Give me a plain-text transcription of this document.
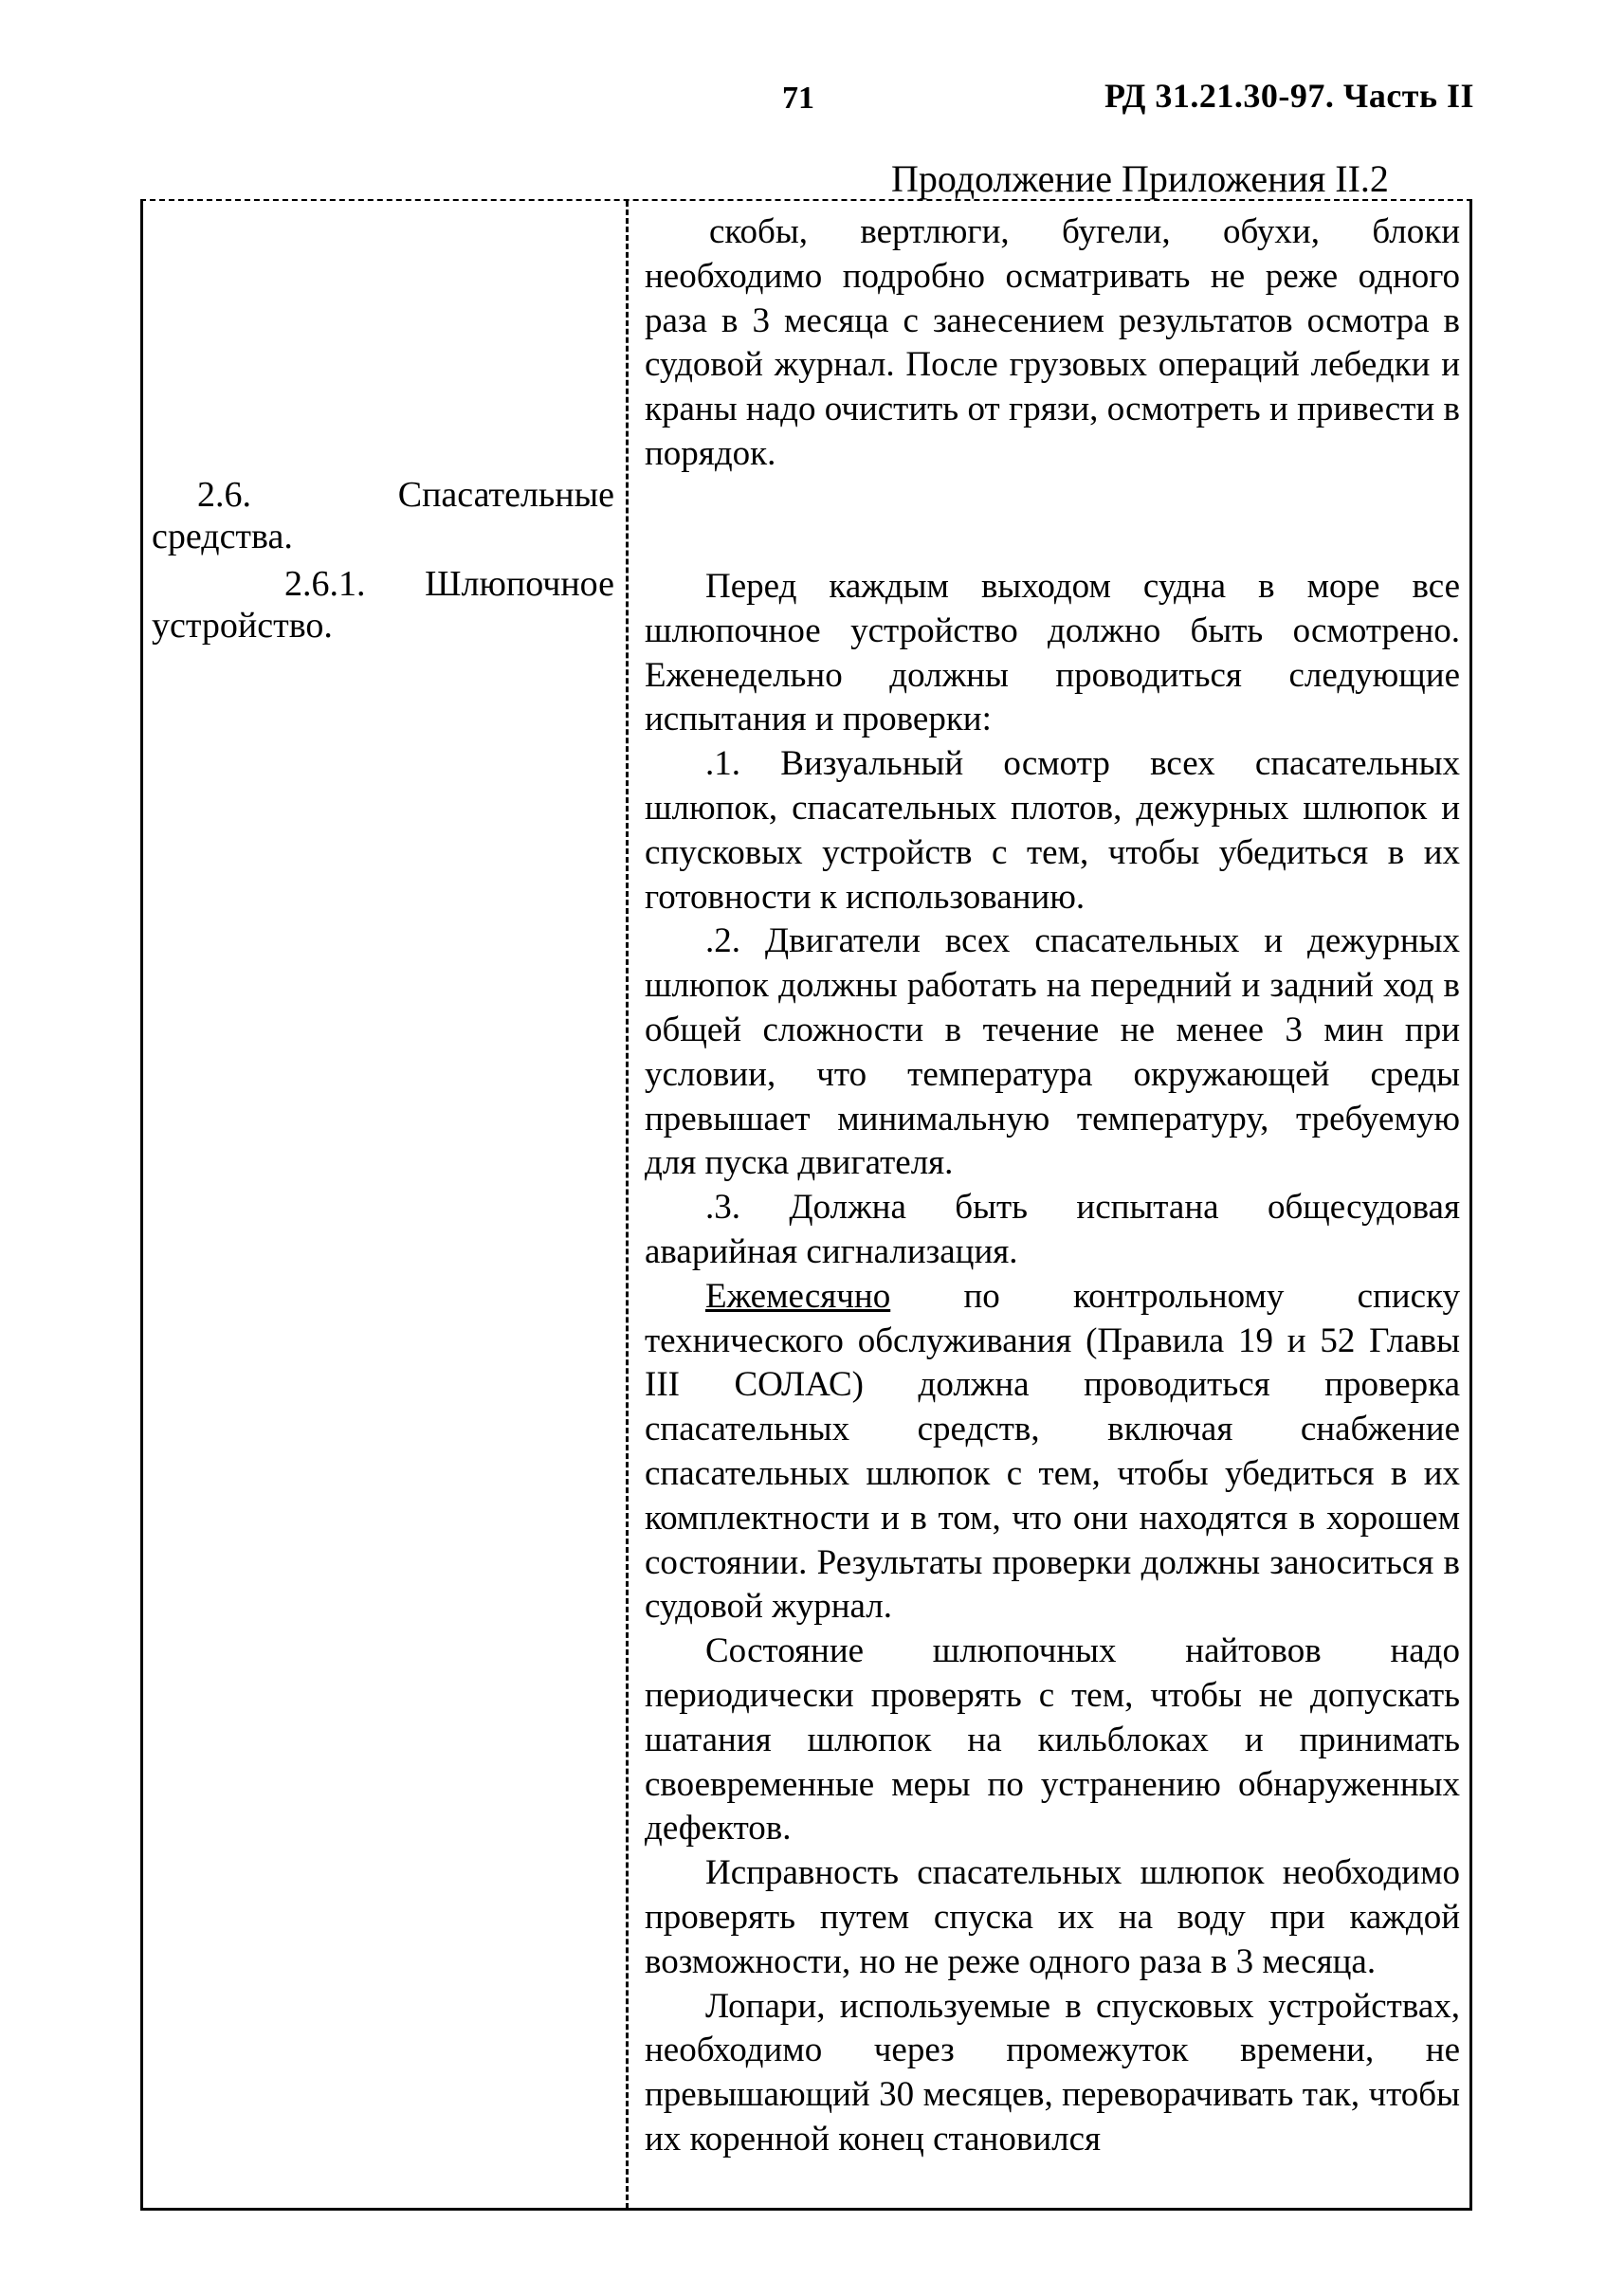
71	РД 31.21.30-97. Часть II
Продолжение Приложения II.2
2.6. Спасательные средства.
2.6.1. Шлюпочное устройство.

скобы, вертлюги, бугели, обухи, блоки необходимо подробно осматривать не реже одного раза в 3 месяца с занесением результатов осмотра в судовой журнал. После грузовых операций лебедки и краны надо очистить от грязи, осмотреть и привести в порядок.

Перед каждым выходом судна в море все шлюпочное устройство должно быть осмотрено. Еженедельно должны проводиться следующие испытания и проверки:

.1. Визуальный осмотр всех спасательных шлюпок, спасательных плотов, дежурных шлюпок и спусковых устройств с тем, чтобы убедиться в их готовности к использованию.

.2. Двигатели всех спасательных и дежурных шлюпок должны работать на передний и задний ход в общей сложности в течение не менее 3 мин при условии, что температура окружающей среды превышает минимальную температуру, требуемую для пуска двигателя.

.3. Должна быть испытана общесудовая аварийная сигнализация.

Ежемесячно по контрольному списку технического обслуживания (Правила 19 и 52 Главы III СОЛАС) должна проводиться проверка спасательных средств, включая снабжение спасательных шлюпок с тем, чтобы убедиться в их комплектности и в том, что они находятся в хорошем состоянии. Результаты проверки должны заноситься в судовой журнал.

Состояние шлюпочных найтовов надо периодически проверять с тем, чтобы не допускать шатания шлюпок на кильблоках и принимать своевременные меры по устранению обнаруженных дефектов.

Исправность спасательных шлюпок необходимо проверять путем спуска их на воду при каждой возможности, но не реже одного раза в 3 месяца.

Лопари, используемые в спусковых устройствах, необходимо через промежуток времени, не превышающий 30 месяцев, переворачивать так, чтобы их коренной конец становился
